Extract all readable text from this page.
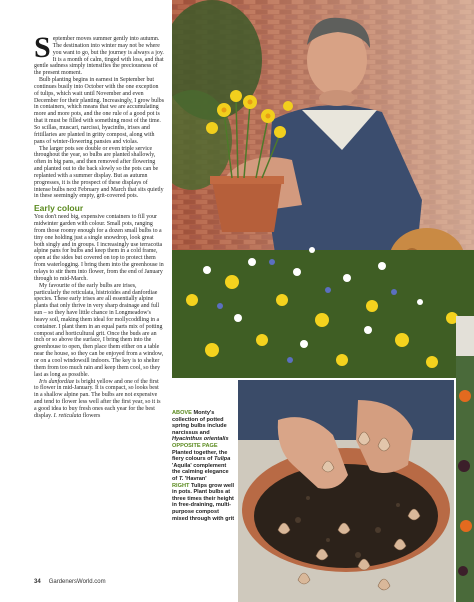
September moves summer gently into autumn. The destination into winter may not be where you want to go, but the journey is always a joy. It is a month of calm, tinged with loss, and that gentle sadness simply intensifies the preciousness of the present moment.

Bulb planting begins in earnest in September but continues busily into October with the one exception of tulips, which wait until November and even December for their planting. Increasingly, I grow bulbs in containers, which means that we are accumulating more and more pots, and the one rule of a good pot is that it must be filled with something most of the time. So scillas, muscari, narcissi, hyacinths, irises and fritillaries are planted in gritty compost, along with pans of winter-flowering pansies and violas.

The larger pots see double or even triple service throughout the year, so bulbs are planted shallowly, often in big pans, and then removed after flowering and planted out to die back slowly so the pots can be replanted with a summer display. But as autumn progresses, it is the prospect of these displays of intense bulbs next February and March that sits quietly in these seemingly empty, grit-covered pots.

Early colour

You don't need big, expensive containers to fill your midwinter garden with colour. Small pots, ranging from those roomy enough for a dozen small bulbs to a tiny one holding just a single snowdrop, look great both singly and in groups. I increasingly use terracotta alpine pans for bulbs and keep them in a cold frame, open at the sides but covered on top to protect them from waterlogging. I bring them into the greenhouse in relays to stir them into flower, from the end of January through to mid-March.

My favourite of the early bulbs are irises, particularly the reticulata, histrioides and danfordiae species. These early irises are all essentially alpine plants that only thrive in very sharp drainage and full sun – so they have little chance in Longmeadow's heavy soil, making them ideal for mollycoddling in a container. I plant them in an equal parts mix of potting compost and horticultural grit. Once the buds are an inch or so above the surface, I bring them into the greenhouse to open, then place them either on a table near the house, so they can be enjoyed from a window, or on a cool windowsill indoors. The key is to shelter them from too much rain and keep them cool, so they last as long as possible.

Iris danfordiae is bright yellow and one of the first to flower in mid-January. It is compact, so looks best in a shallow alpine pan. The bulbs are not expensive and tend to flower less well after the first year, so it is a good idea to buy fresh ones each year for the best display. I. reticulata flowers	ABOVE Monty's collection of potted spring bulbs include narcissus and Hyacinthus orientalis
OPPOSITE PAGE Planted together, the fiery colours of Tulipa 'Aquila' complement the calming elegance of T. 'Havran'
RIGHT Tulips grow well in pots. Plant bulbs at three times their height in free-draining, multi-purpose compost mixed through with grit
34 GardenersWorld.com
